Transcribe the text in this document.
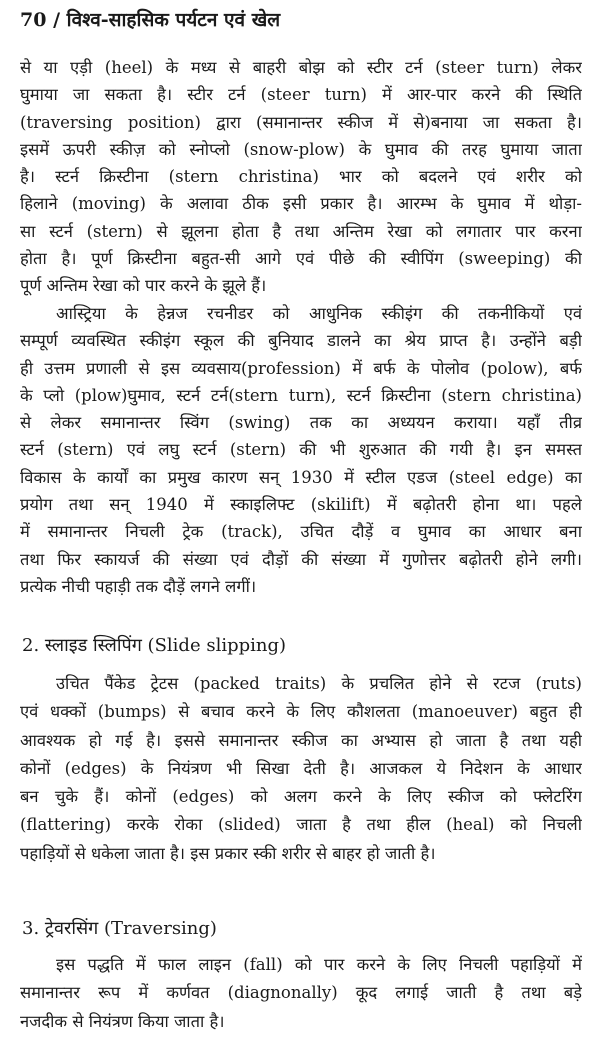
70 / विश्व-साहसिक पर्यटन एवं खेल
से या एड़ी (heel) के मध्य से बाहरी बोझ को स्टीर टर्न (steer turn) लेकर
घुमाया जा सकता है। स्टीर टर्न (steer turn) में आर-पार करने की स्थिति
(traversing position) द्वारा (समानान्तर स्कीज में से)बनाया जा सकता है।
इसमें ऊपरी स्कीज़ को स्नोप्लो (snow-plow) के घुमाव की तरह घुमाया जाता
है। स्टर्न क्रिस्टीना (stern christina) भार को बदलने एवं शरीर को
हिलाने (moving) के अलावा ठीक इसी प्रकार है। आरम्भ के घुमाव में थोड़ा-
सा स्टर्न (stern) से झूलना होता है तथा अन्तिम रेखा को लगातार पार करना
होता है। पूर्ण क्रिस्टीना बहुत-सी आगे एवं पीछे की स्वीपिंग (sweeping) की
पूर्ण अन्तिम रेखा को पार करने के झूले हैं।
आस्ट्रिया के हेन्नज रचनीडर को आधुनिक स्कीइंग की तकनीकियों एवं
सम्पूर्ण व्यवस्थित स्कीइंग स्कूल की बुनियाद डालने का श्रेय प्राप्त है। उन्होंने बड़ी
ही उत्तम प्रणाली से इस व्यवसाय(profession) में बर्फ के पोलोव (polow), बर्फ
के प्लो (plow)घुमाव, स्टर्न टर्न(stern turn), स्टर्न क्रिस्टीना (stern christina)
से लेकर समानान्तर स्विंग (swing) तक का अध्ययन कराया। यहाँ तीव्र
स्टर्न (stern) एवं लघु स्टर्न (stern) की भी शुरुआत की गयी है। इन समस्त
विकास के कार्यों का प्रमुख कारण सन् 1930 में स्टील एडज (steel edge) का
प्रयोग तथा सन् 1940 में स्काइलिफ्ट (skilift) में बढ़ोतरी होना था। पहले
में समानान्तर निचली ट्रेक (track), उचित दौड़ें व घुमाव का आधार बना
तथा फिर स्कायर्ज की संख्या एवं दौड़ों की संख्या में गुणोत्तर बढ़ोतरी होने लगी।
प्रत्येक नीची पहाड़ी तक दौड़ें लगने लगीं।
2. स्लाइड स्लिपिंग (Slide slipping)
उचित पैंकेड ट्रेटस (packed traits) के प्रचलित होने से रटज (ruts)
एवं धक्कों (bumps) से बचाव करने के लिए कौशलता (manoeuver) बहुत ही
आवश्यक हो गई है। इससे समानान्तर स्कीज का अभ्यास हो जाता है तथा यही
कोनों (edges) के नियंत्रण भी सिखा देती है। आजकल ये निदेशन के आधार
बन चुके हैं। कोनों (edges) को अलग करने के लिए स्कीज को फ्लेटरिंग
(flattering) करके रोका (slided) जाता है तथा हील (heal) को निचली
पहाड़ियों से धकेला जाता है। इस प्रकार स्की शरीर से बाहर हो जाती है।
3. ट्रेवरसिंग (Traversing)
इस पद्धति में फाल लाइन (fall) को पार करने के लिए निचली पहाड़ियों में
समानान्तर रूप में कर्णवत (diagnonally) कूद लगाई जाती है तथा बड़े
नजदीक से नियंत्रण किया जाता है।
